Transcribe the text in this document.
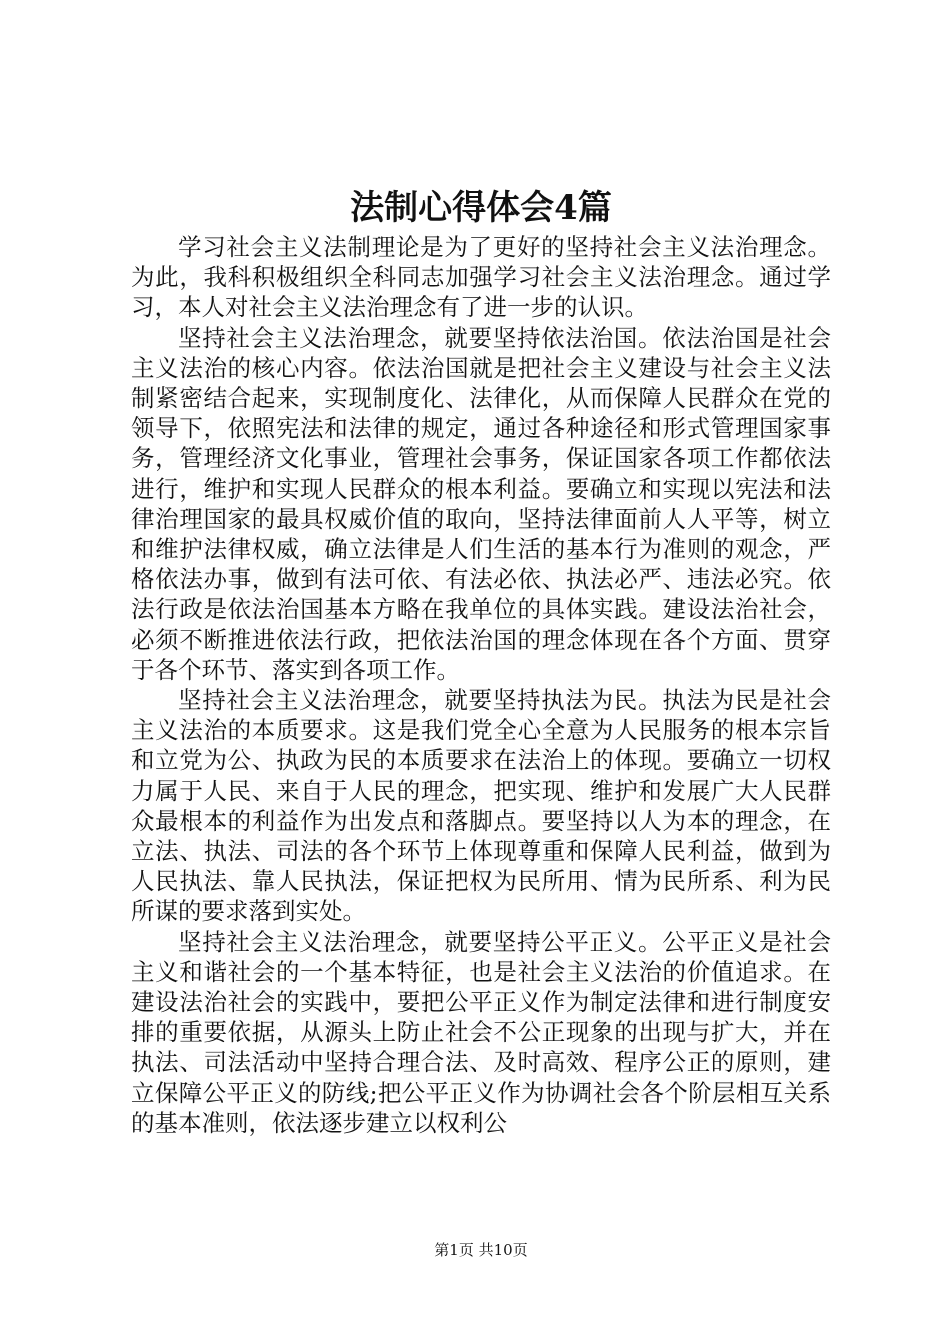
法制心得体会4篇

学习社会主义法制理论是为了更好的坚持社会主义法治理念。为此，我科积极组织全科同志加强学习社会主义法治理念。通过学习，本人对社会主义法治理念有了进一步的认识。

坚持社会主义法治理念，就要坚持依法治国。依法治国是社会主义法治的核心内容。依法治国就是把社会主义建设与社会主义法制紧密结合起来，实现制度化、法律化，从而保障人民群众在党的领导下，依照宪法和法律的规定，通过各种途径和形式管理国家事务，管理经济文化事业，管理社会事务，保证国家各项工作都依法进行，维护和实现人民群众的根本利益。要确立和实现以宪法和法律治理国家的最具权威价值的取向，坚持法律面前人人平等，树立和维护法律权威，确立法律是人们生活的基本行为准则的观念，严格依法办事，做到有法可依、有法必依、执法必严、违法必究。依法行政是依法治国基本方略在我单位的具体实践。建设法治社会，必须不断推进依法行政，把依法治国的理念体现在各个方面、贯穿于各个环节、落实到各项工作。

坚持社会主义法治理念，就要坚持执法为民。执法为民是社会主义法治的本质要求。这是我们党全心全意为人民服务的根本宗旨和立党为公、执政为民的本质要求在法治上的体现。要确立一切权力属于人民、来自于人民的理念，把实现、维护和发展广大人民群众最根本的利益作为出发点和落脚点。要坚持以人为本的理念，在立法、执法、司法的各个环节上体现尊重和保障人民利益，做到为人民执法、靠人民执法，保证把权为民所用、情为民所系、利为民所谋的要求落到实处。

坚持社会主义法治理念，就要坚持公平正义。公平正义是社会主义和谐社会的一个基本特征，也是社会主义法治的价值追求。在建设法治社会的实践中，要把公平正义作为制定法律和进行制度安排的重要依据，从源头上防止社会不公正现象的出现与扩大，并在执法、司法活动中坚持合理合法、及时高效、程序公正的原则，建立保障公平正义的防线;把公平正义作为协调社会各个阶层相互关系的基本准则，依法逐步建立以权利公

第1页 共10页
